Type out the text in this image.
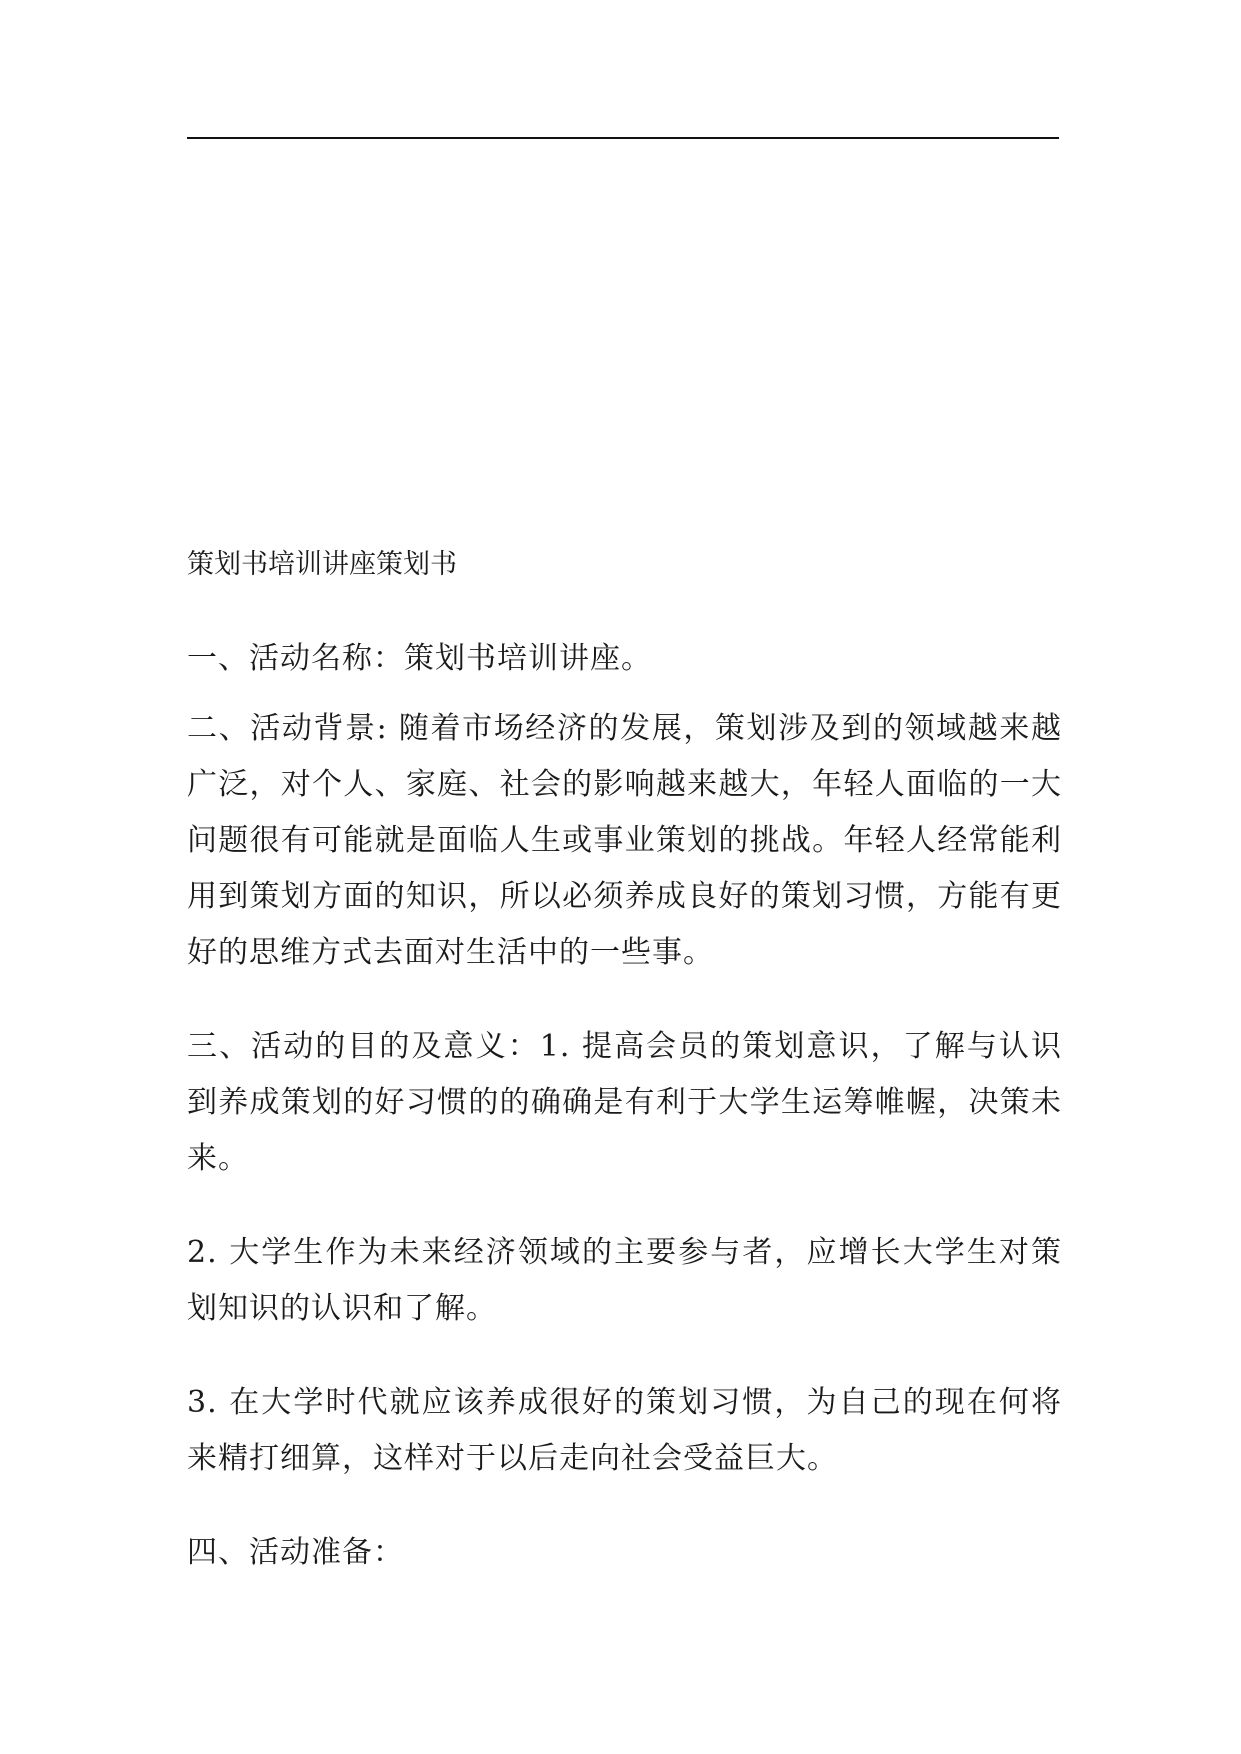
策划书培训讲座策划书

一、活动名称：策划书培训讲座。

二、活动背景: 随着市场经济的发展，策划涉及到的领域越来越广泛，对个人、家庭、社会的影响越来越大，年轻人面临的一大问题很有可能就是面临人生或事业策划的挑战。年轻人经常能利用到策划方面的知识，所以必须养成良好的策划习惯，方能有更好的思维方式去面对生活中的一些事。

三、活动的目的及意义：1. 提高会员的策划意识，了解与认识到养成策划的好习惯的的确确是有利于大学生运筹帷幄，决策未来。

2. 大学生作为未来经济领域的主要参与者，应增长大学生对策划知识的认识和了解。

3. 在大学时代就应该养成很好的策划习惯，为自己的现在何将来精打细算，这样对于以后走向社会受益巨大。

四、活动准备：
